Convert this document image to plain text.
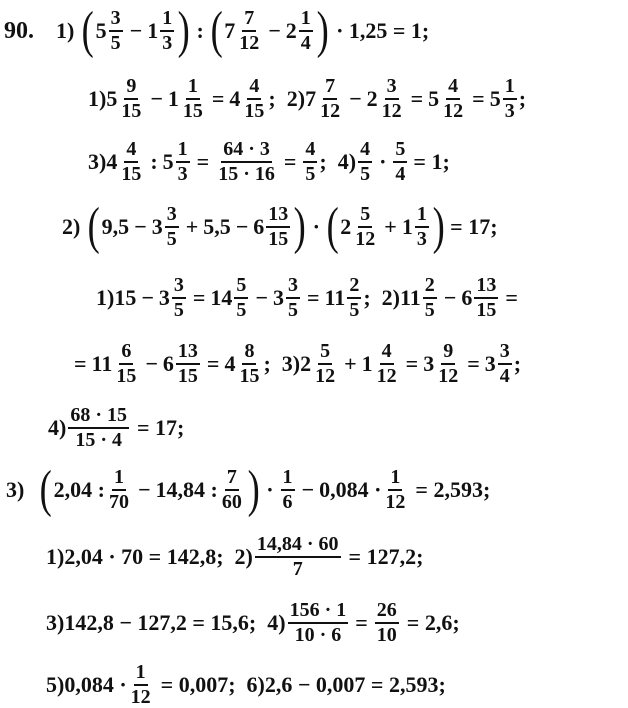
90. 1) ( $5 \frac{3}{5} - 1 \frac{1}{3}$ ) : ( $7 \frac{7}{12} - 2 \frac{1}{4}$ ) · 1,25 = 1;
1) $5 \frac{9}{15} - 1 \frac{1}{15} = 4 \frac{4}{15}$ ; 2) $7 \frac{7}{12} - 2 \frac{3}{12} = 5 \frac{4}{12} = 5 \frac{1}{3}$ ;
3) $4 \frac{4}{15}$ : $5 \frac{1}{3} = \frac{64 \cdot 3}{15 \cdot 16} = \frac{4}{5}$ ; $4) \frac{4}{5} \cdot \frac{5}{4} = 1$;
2) ( $9,5 - 3 \frac{3}{5} + 5,5 - 6 \frac{13}{15}$ ) · ( $2 \frac{5}{12} + 1 \frac{1}{3}$ ) = 17;
1) $15 - 3 \frac{3}{5} = 14 \frac{5}{5} - 3 \frac{3}{5} = 11 \frac{2}{5}$ ; 2) $11 \frac{2}{5} - 6 \frac{13}{15}$ =
= $11 \frac{6}{15} - 6 \frac{13}{15} = 4 \frac{8}{15}$ ; 3) $2 \frac{5}{12} + 1 \frac{4}{12} = 3 \frac{9}{12} = 3 \frac{3}{4}$ ;
$4) \frac{68 \cdot 15}{15 \cdot 4} = 17$;
3) ( 2,04 : $\frac{1}{70} - 14,84$ : $\frac{7}{60}$ ) · $\frac{1}{6} - 0,084 \cdot \frac{1}{12} = 2,593$;
1) 2,04 · 70 = 142,8;
$2) \frac{14,84 \cdot 60}{7} = 127,2$;
3) 142,8 − 127,2 = 15,6;
$4) \frac{156 \cdot 1}{10 \cdot 6} = \frac{26}{10} = 2,6$;
5) $0,084 \cdot \frac{1}{12} = 0,007$;
6) 2,6 − 0,007 = 2,593;
